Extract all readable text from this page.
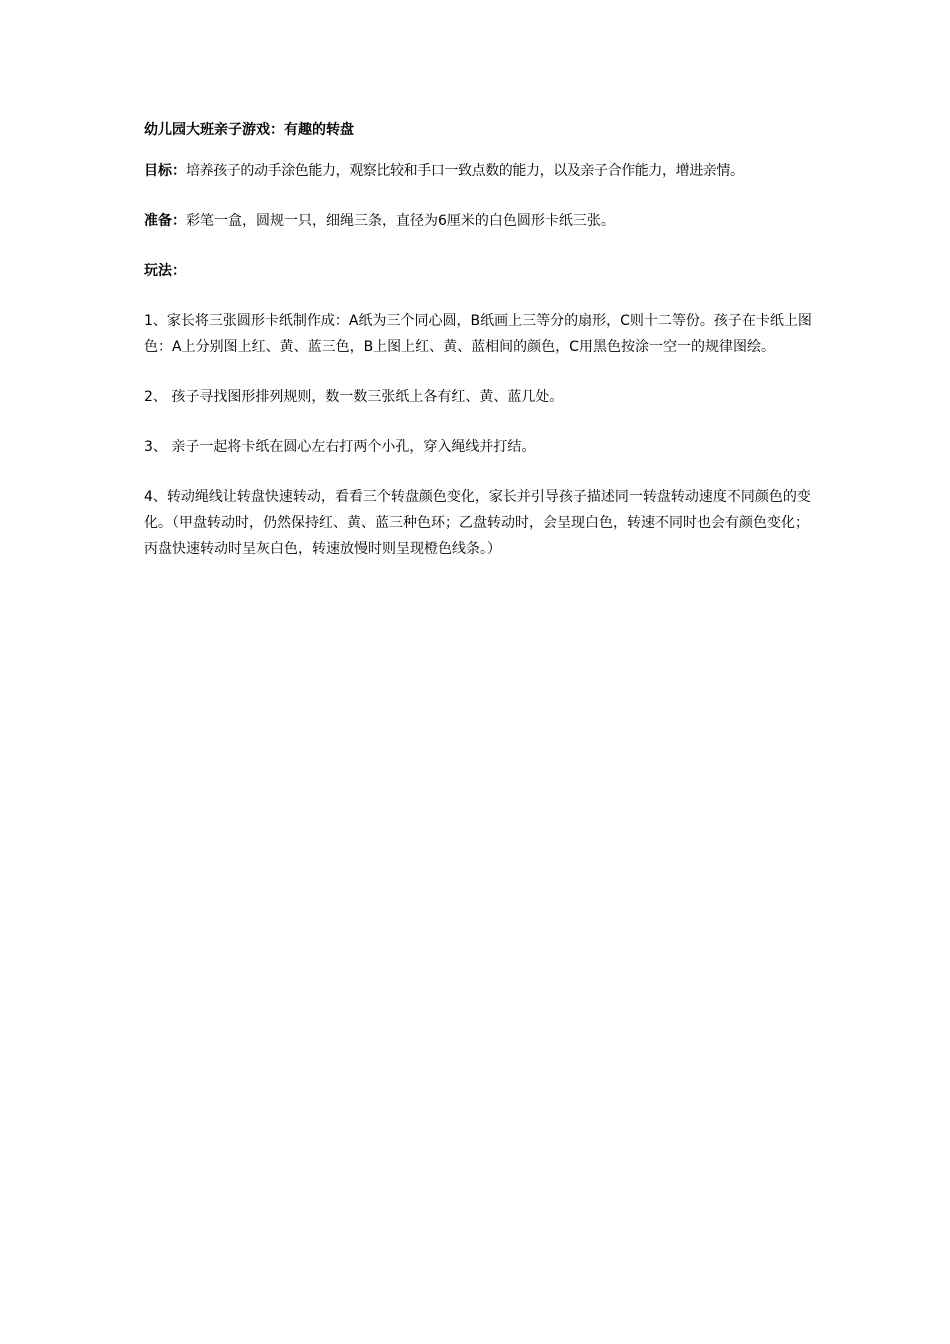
幼儿园大班亲子游戏：有趣的转盘
目标：培养孩子的动手涂色能力，观察比较和手口一致点数的能力，以及亲子合作能力，增进亲情。
准备：彩笔一盒，圆规一只，细绳三条，直径为6厘米的白色圆形卡纸三张。
玩法：
1、家长将三张圆形卡纸制作成：A纸为三个同心圆，B纸画上三等分的扇形，C则十二等份。孩子在卡纸上图色：A上分别图上红、黄、蓝三色，B上图上红、黄、蓝相间的颜色，C用黑色按涂一空一的规律图绘。
2、 孩子寻找图形排列规则，数一数三张纸上各有红、黄、蓝几处。
3、 亲子一起将卡纸在圆心左右打两个小孔，穿入绳线并打结。
4、转动绳线让转盘快速转动，看看三个转盘颜色变化，家长并引导孩子描述同一转盘转动速度不同颜色的变化。（甲盘转动时，仍然保持红、黄、蓝三种色环；乙盘转动时，会呈现白色，转速不同时也会有颜色变化；丙盘快速转动时呈灰白色，转速放慢时则呈现橙色线条。）
